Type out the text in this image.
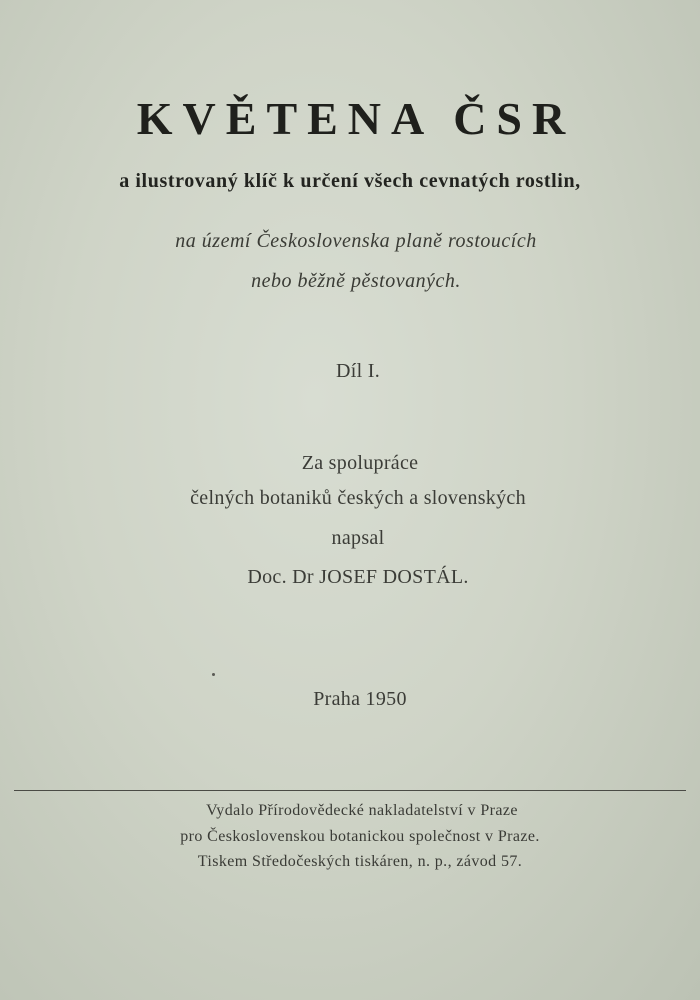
KVĚTENA ČSR
a ilustrovaný klíč k určení všech cevnatých rostlin,
na území Československa planě rostoucích
nebo běžně pěstovaných.
Díl I.
Za spolupráce
čelných botaniků českých a slovenských
napsal
Doc. Dr JOSEF DOSTÁL.
Praha 1950
Vydalo Přírodovědecké nakladatelství v Praze
pro Československou botanickou společnost v Praze.
Tiskem Středočeských tiskáren, n. p., závod 57.
